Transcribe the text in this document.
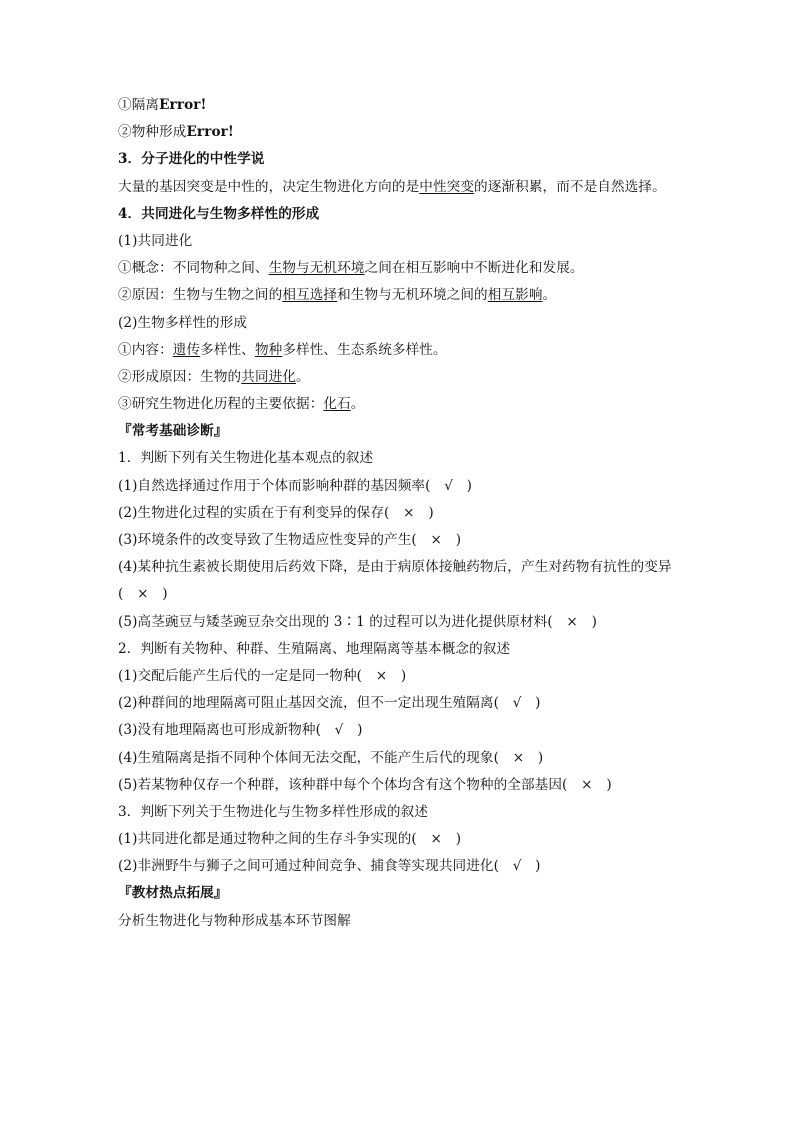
①隔离Error!
②物种形成Error!
3．分子进化的中性学说
大量的基因突变是中性的，决定生物进化方向的是中性突变的逐渐积累，而不是自然选择。
4．共同进化与生物多样性的形成
(1)共同进化
①概念：不同物种之间、生物与无机环境之间在相互影响中不断进化和发展。
②原因：生物与生物之间的相互选择和生物与无机环境之间的相互影响。
(2)生物多样性的形成
①内容：遗传多样性、物种多样性、生态系统多样性。
②形成原因：生物的共同进化。
③研究生物进化历程的主要依据：化石。
『常考基础诊断』
1．判断下列有关生物进化基本观点的叙述
(1)自然选择通过作用于个体而影响种群的基因频率(　√　)
(2)生物进化过程的实质在于有利变异的保存(　×　)
(3)环境条件的改变导致了生物适应性变异的产生(　×　)
(4)某种抗生素被长期使用后药效下降，是由于病原体接触药物后，产生对药物有抗性的变异
(　×　)
(5)高茎豌豆与矮茎豌豆杂交出现的 3∶1 的过程可以为进化提供原材料(　×　)
2．判断有关物种、种群、生殖隔离、地理隔离等基本概念的叙述
(1)交配后能产生后代的一定是同一物种(　×　)
(2)种群间的地理隔离可阻止基因交流，但不一定出现生殖隔离(　√　)
(3)没有地理隔离也可形成新物种(　√　)
(4)生殖隔离是指不同种个体间无法交配，不能产生后代的现象(　×　)
(5)若某物种仅存一个种群，该种群中每个个体均含有这个物种的全部基因(　×　)
3．判断下列关于生物进化与生物多样性形成的叙述
(1)共同进化都是通过物种之间的生存斗争实现的(　×　)
(2)非洲野牛与狮子之间可通过种间竞争、捕食等实现共同进化(　√　)
『教材热点拓展』
分析生物进化与物种形成基本环节图解
